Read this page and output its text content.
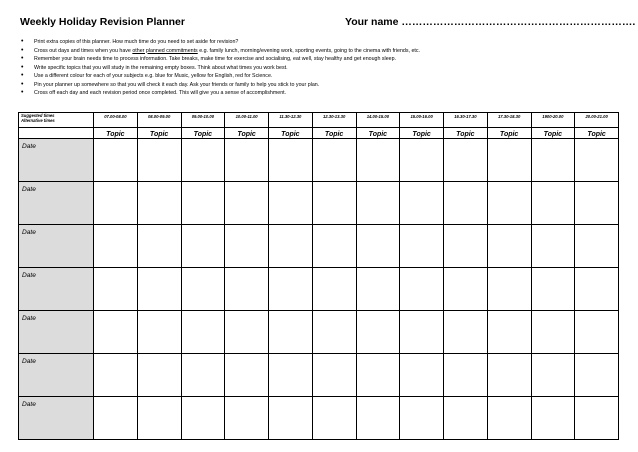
Weekly Holiday Revision Planner	Your name ………………………………………………………….
• Print extra copies of this planner. How much time do you need to set aside for revision?
• Cross out days and times when you have other planned commitments e.g. family lunch, morning/evening work, sporting events, going to the cinema with friends, etc.
• Remember your brain needs time to process information. Take breaks, make time for exercise and socialising, eat well, stay healthy and get enough sleep.
• Write specific topics that you will study in the remaining empty boxes. Think about what times you work best.
• Use a different colour for each of your subjects e.g. blue for Music, yellow for English, red for Science.
• Pin your planner up somewhere so that you will check it each day. Ask your friends or family to help you stick to your plan.
• Cross off each day and each revision period once completed. This will give you a sense of accomplishment.
Suggested times
Alternative times	07.00-08.00	08.00-09.00	09.00-10.00	10.00-11.00	11.30-12.30	12.30-13.30	14.00-15.00	15.00-16.00	16.30-17.30	17.30-18.30	1900-20.00	20.00-21.00
	Topic	Topic	Topic	Topic	Topic	Topic	Topic	Topic	Topic	Topic	Topic	Topic
Date												
Date												
Date												
Date												
Date												
Date												
Date												
